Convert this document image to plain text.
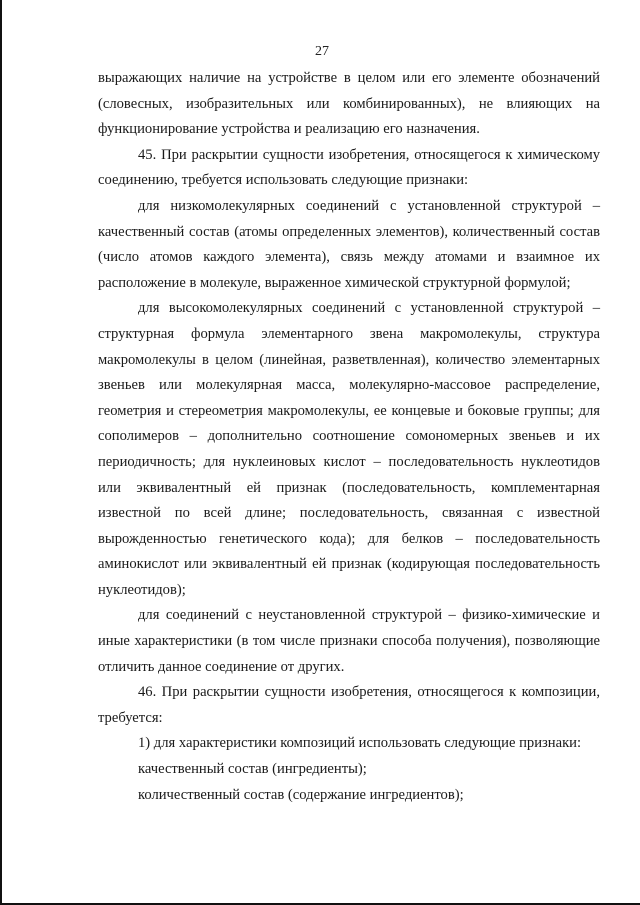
27

выражающих наличие на устройстве в целом или его элементе обозначений (словесных, изобразительных или комбинированных), не влияющих на функционирование устройства и реализацию его назначения.

45. При раскрытии сущности изобретения, относящегося к химическому соединению, требуется использовать следующие признаки:

для низкомолекулярных соединений с установленной структурой – качественный состав (атомы определенных элементов), количественный состав (число атомов каждого элемента), связь между атомами и взаимное их расположение в молекуле, выраженное химической структурной формулой;

для высокомолекулярных соединений с установленной структурой – структурная формула элементарного звена макромолекулы, структура макромолекулы в целом (линейная, разветвленная), количество элементарных звеньев или молекулярная масса, молекулярно-массовое распределение, геометрия и стереометрия макромолекулы, ее концевые и боковые группы; для сополимеров – дополнительно соотношение сомономерных звеньев и их периодичность; для нуклеиновых кислот – последовательность нуклеотидов или эквивалентный ей признак (последовательность, комплементарная известной по всей длине; последовательность, связанная с известной вырожденностью генетического кода); для белков – последовательность аминокислот или эквивалентный ей признак (кодирующая последовательность нуклеотидов);

для соединений с неустановленной структурой – физико-химические и иные характеристики (в том числе признаки способа получения), позволяющие отличить данное соединение от других.

46. При раскрытии сущности изобретения, относящегося к композиции, требуется:

1) для характеристики композиций использовать следующие признаки:

качественный состав (ингредиенты);

количественный состав (содержание ингредиентов);
